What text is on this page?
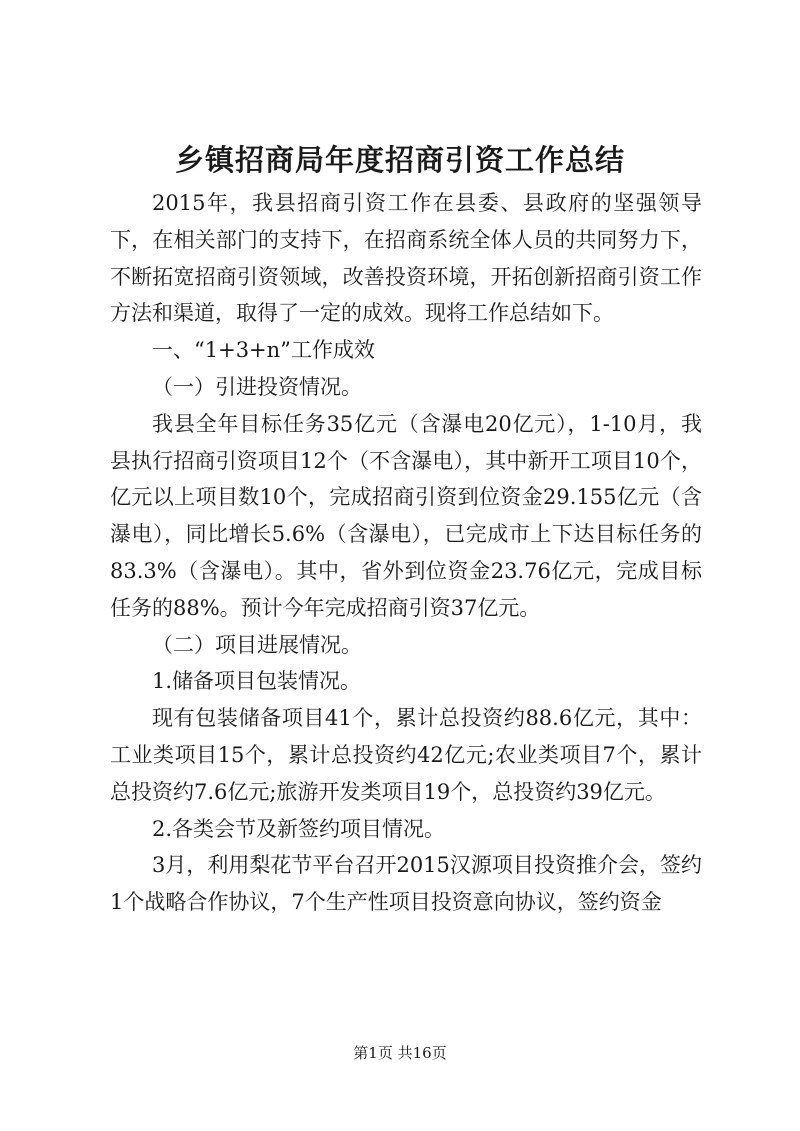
乡镇招商局年度招商引资工作总结

2015年，我县招商引资工作在县委、县政府的坚强领导下，在相关部门的支持下，在招商系统全体人员的共同努力下，不断拓宽招商引资领域，改善投资环境，开拓创新招商引资工作方法和渠道，取得了一定的成效。现将工作总结如下。

一、“1+3+n”工作成效

（一）引进投资情况。

我县全年目标任务35亿元（含瀑电20亿元），1-10月，我县执行招商引资项目12个（不含瀑电），其中新开工项目10个，亿元以上项目数10个，完成招商引资到位资金29.155亿元（含瀑电），同比增长5.6%（含瀑电），已完成市上下达目标任务的83.3%（含瀑电）。其中，省外到位资金23.76亿元，完成目标任务的88%。预计今年完成招商引资37亿元。

（二）项目进展情况。

1.储备项目包装情况。

现有包装储备项目41个，累计总投资约88.6亿元，其中：工业类项目15个，累计总投资约42亿元;农业类项目7个，累计总投资约7.6亿元;旅游开发类项目19个，总投资约39亿元。

2.各类会节及新签约项目情况。

3月，利用梨花节平台召开2015汉源项目投资推介会，签约1个战略合作协议，7个生产性项目投资意向协议，签约资金

第1页 共16页
